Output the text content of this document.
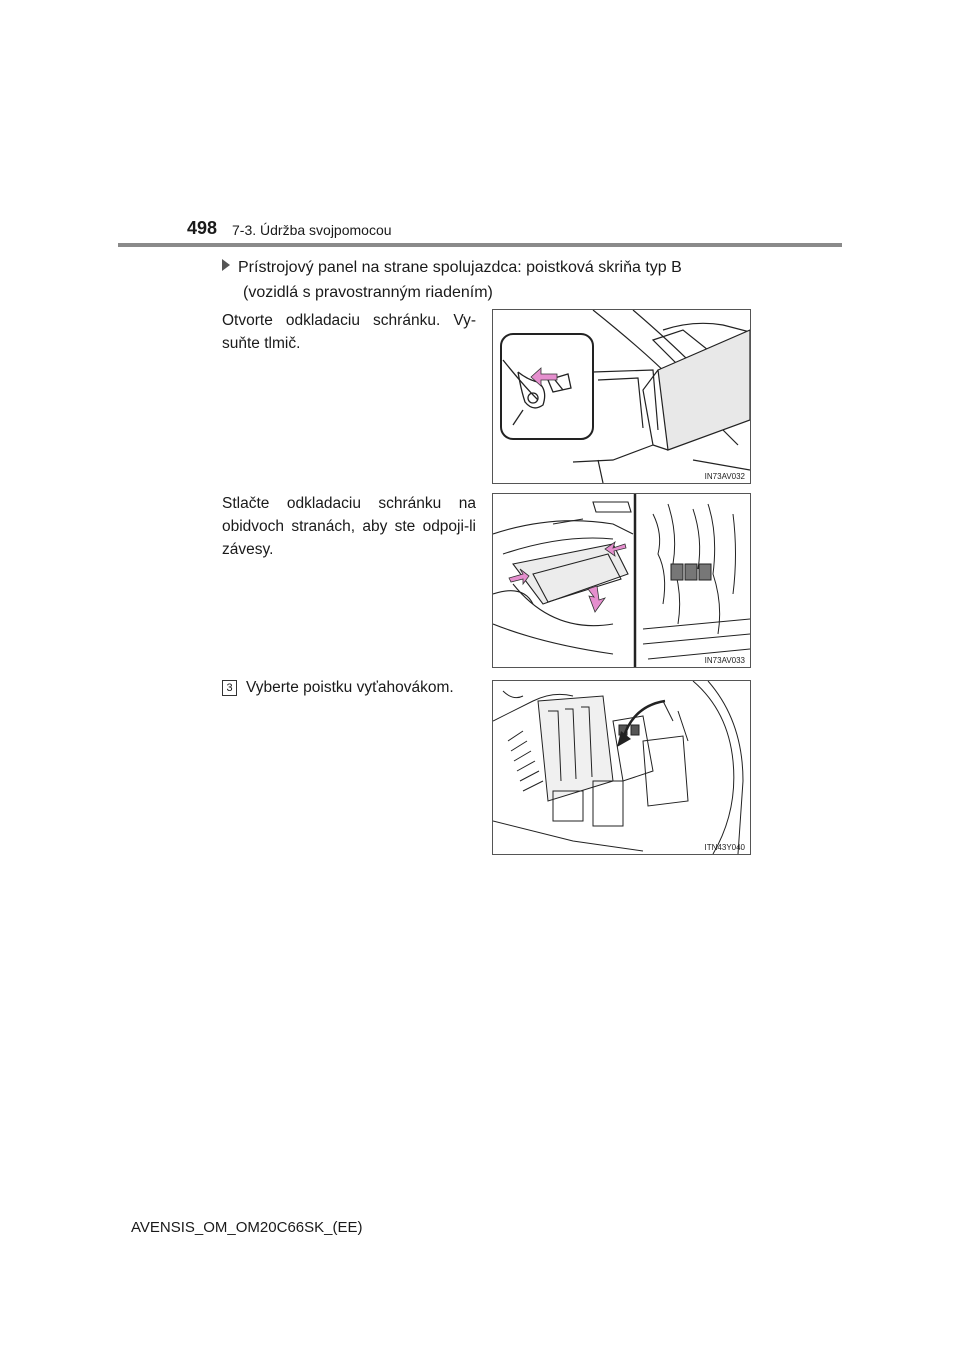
498 7-3. Údržba svojpomocou
Prístrojový panel na strane spolujazdca: poistková skriňa typ B
(vozidlá s pravostranným riadením)
Otvorte odkladaciu schránku. Vy-suňte tlmič.
IN73AV032
Stlačte odkladaciu schránku na obidvoch stranách, aby ste odpoji-li závesy.
IN73AV033
3 Vyberte poistku vyťahovákom.
ITN43Y040
AVENSIS_OM_OM20C66SK_(EE)
